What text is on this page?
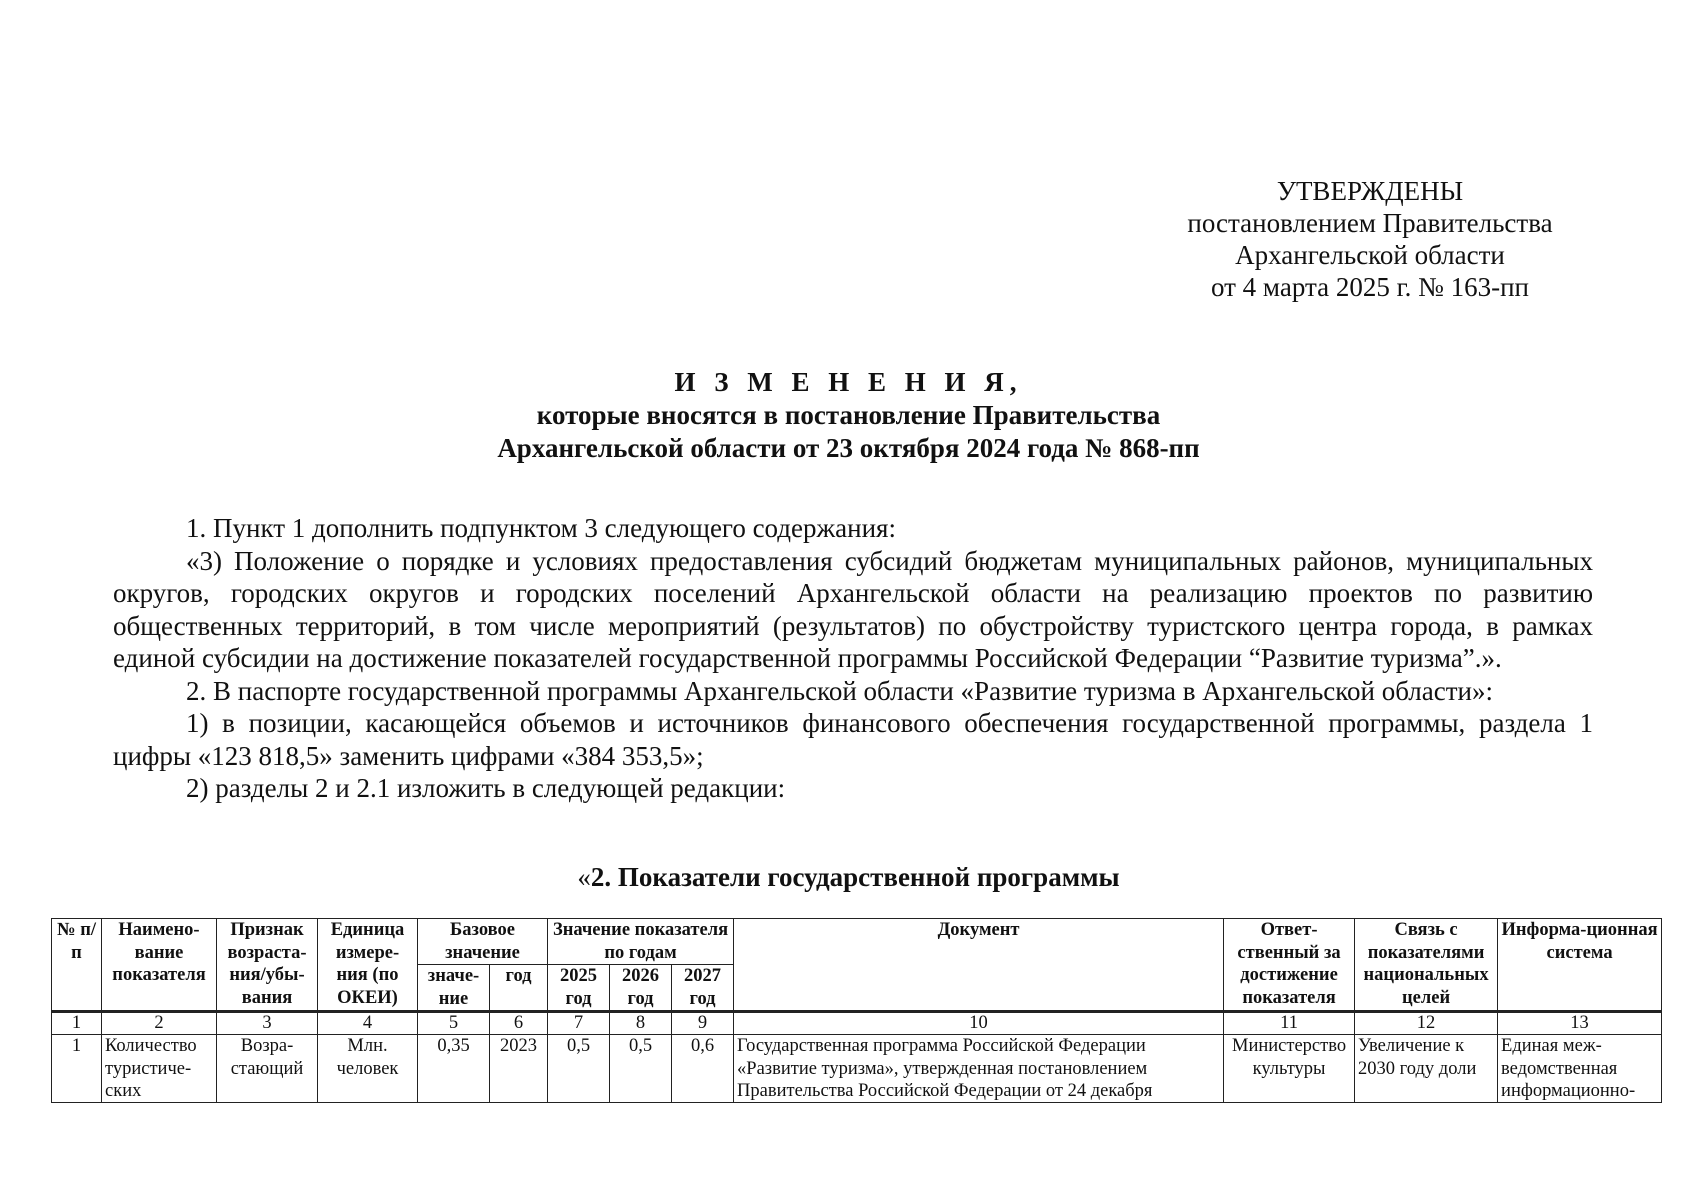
УТВЕРЖДЕНЫ
постановлением Правительства
Архангельской области
от 4 марта 2025 г. № 163-пп
И З М Е Н Е Н И Я,
которые вносятся в постановление Правительства
Архангельской области от 23 октября 2024 года № 868-пп

1. Пункт 1 дополнить подпунктом 3 следующего содержания:

«3) Положение о порядке и условиях предоставления субсидий бюджетам муниципальных районов, муниципальных округов, городских округов и городских поселений Архангельской области на реализацию проектов по развитию общественных территорий, в том числе мероприятий (результатов) по обустройству туристского центра города, в рамках единой субсидии на достижение показателей государственной программы Российской Федерации “Развитие туризма”.».

2. В паспорте государственной программы Архангельской области «Развитие туризма в Архангельской области»:

1) в позиции, касающейся объемов и источников финансового обеспечения государственной программы, раздела 1 цифры «123 818,5» заменить цифрами «384 353,5»;

2) разделы 2 и 2.1 изложить в следующей редакции:

«2. Показатели государственной программы
№ п/п	Наимено-вание показателя	Признак возраста-ния/убы-вания	Единица измере-ния (по ОКЕИ)	Базовое значение		Значение показателя по годам			Документ	Ответ-ственный за достижение показателя	Связь с показателями национальных целей	Информа-ционная система
				значе-ние	год	2025 год	2026 год	2027 год				
1	2	3	4	5	6	7	8	9	10	11	12	13

1	Количество туристиче-ских	Возра-стающий	Млн. человек	0,35	2023	0,5	0,5	0,6	Государственная программа Российской Федерации «Развитие туризма», утвержденная постановлением Правительства Российской Федерации от 24 декабря	Министерство культуры	Увеличение к 2030 году доли	Единая меж-ведомственная информационно-
